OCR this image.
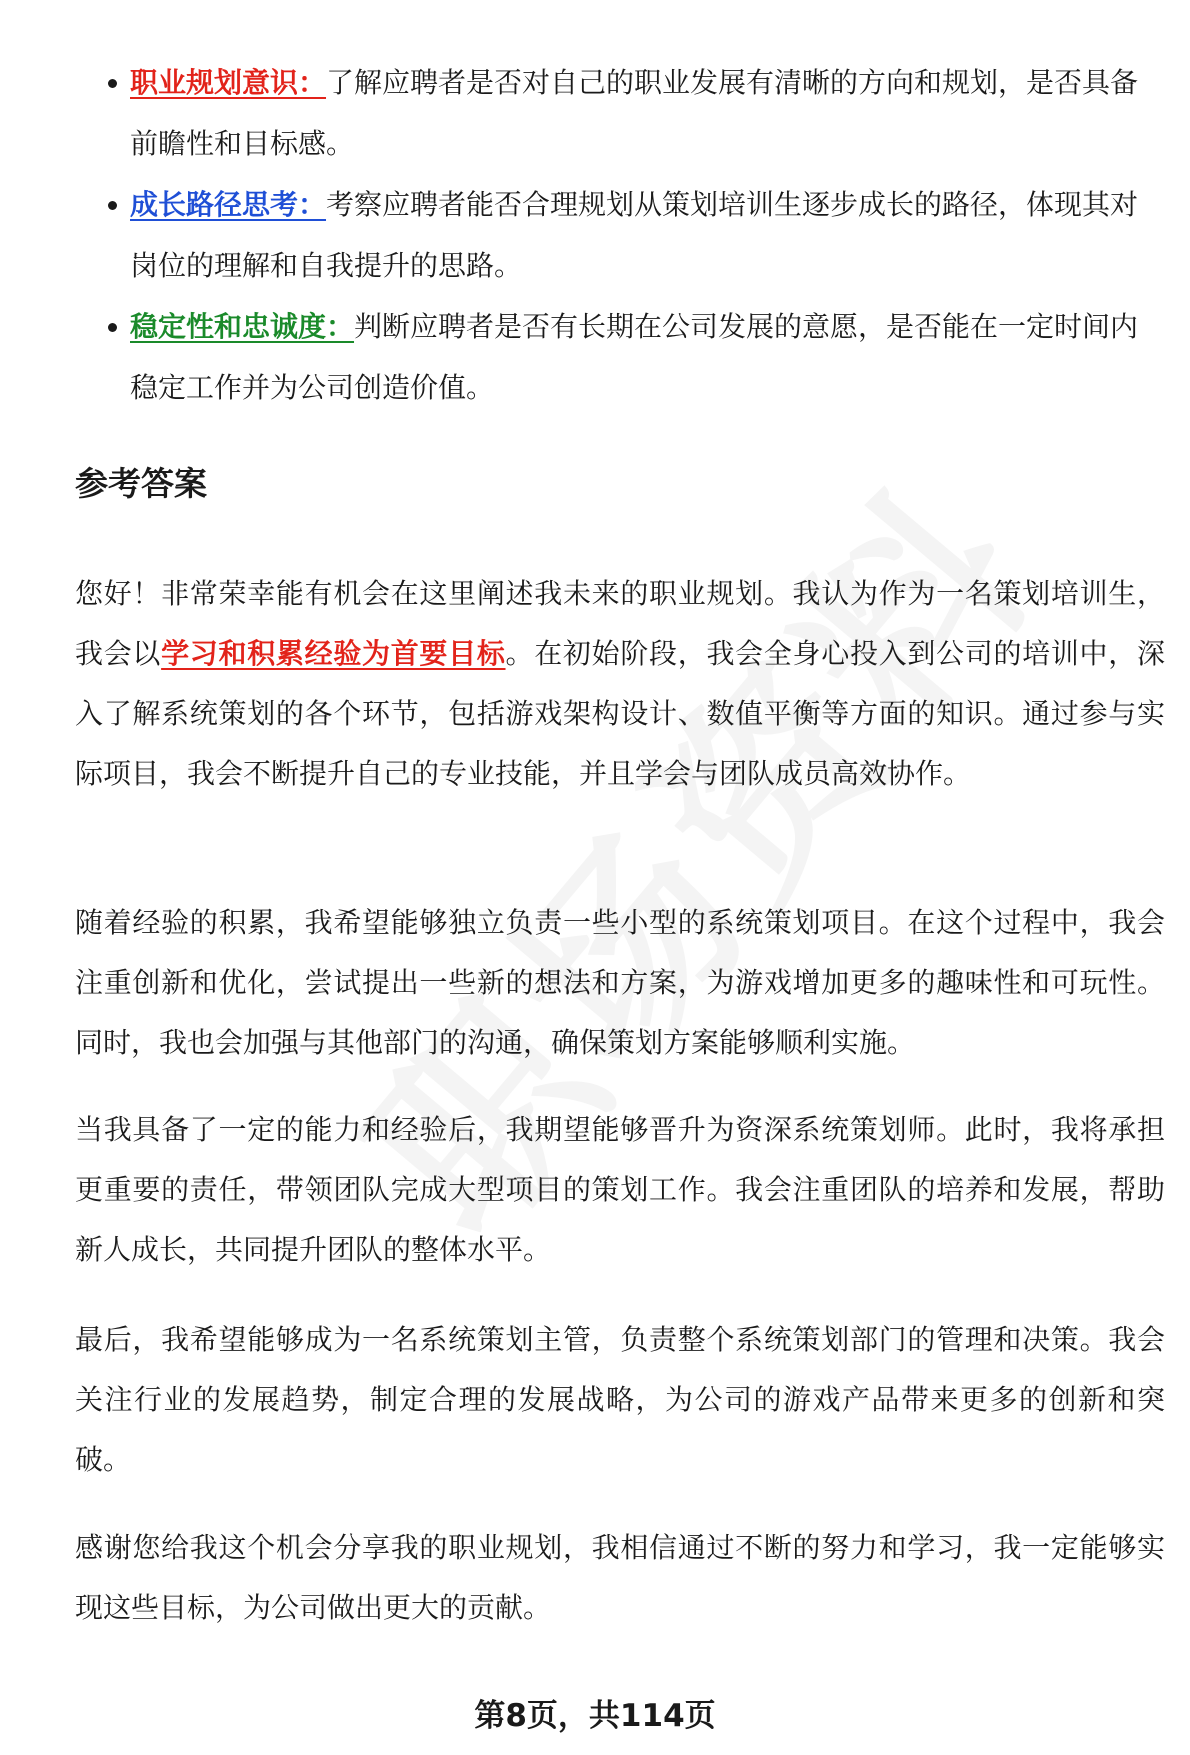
职业规划意识：了解应聘者是否对自己的职业发展有清晰的方向和规划，是否具备前瞻性和目标感。
成长路径思考：考察应聘者能否合理规划从策划培训生逐步成长的路径，体现其对岗位的理解和自我提升的思路。
稳定性和忠诚度：判断应聘者是否有长期在公司发展的意愿，是否能在一定时间内稳定工作并为公司创造价值。
参考答案

您好！非常荣幸能有机会在这里阐述我未来的职业规划。我认为作为一名策划培训生，我会以学习和积累经验为首要目标。在初始阶段，我会全身心投入到公司的培训中，深入了解系统策划的各个环节，包括游戏架构设计、数值平衡等方面的知识。通过参与实际项目，我会不断提升自己的专业技能，并且学会与团队成员高效协作。

随着经验的积累，我希望能够独立负责一些小型的系统策划项目。在这个过程中，我会注重创新和优化，尝试提出一些新的想法和方案，为游戏增加更多的趣味性和可玩性。同时，我也会加强与其他部门的沟通，确保策划方案能够顺利实施。

当我具备了一定的能力和经验后，我期望能够晋升为资深系统策划师。此时，我将承担更重要的责任，带领团队完成大型项目的策划工作。我会注重团队的培养和发展，帮助新人成长，共同提升团队的整体水平。

最后，我希望能够成为一名系统策划主管，负责整个系统策划部门的管理和决策。我会关注行业的发展趋势，制定合理的发展战略，为公司的游戏产品带来更多的创新和突破。

感谢您给我这个机会分享我的职业规划，我相信通过不断的努力和学习，我一定能够实现这些目标，为公司做出更大的贡献。

第8页，共114页
